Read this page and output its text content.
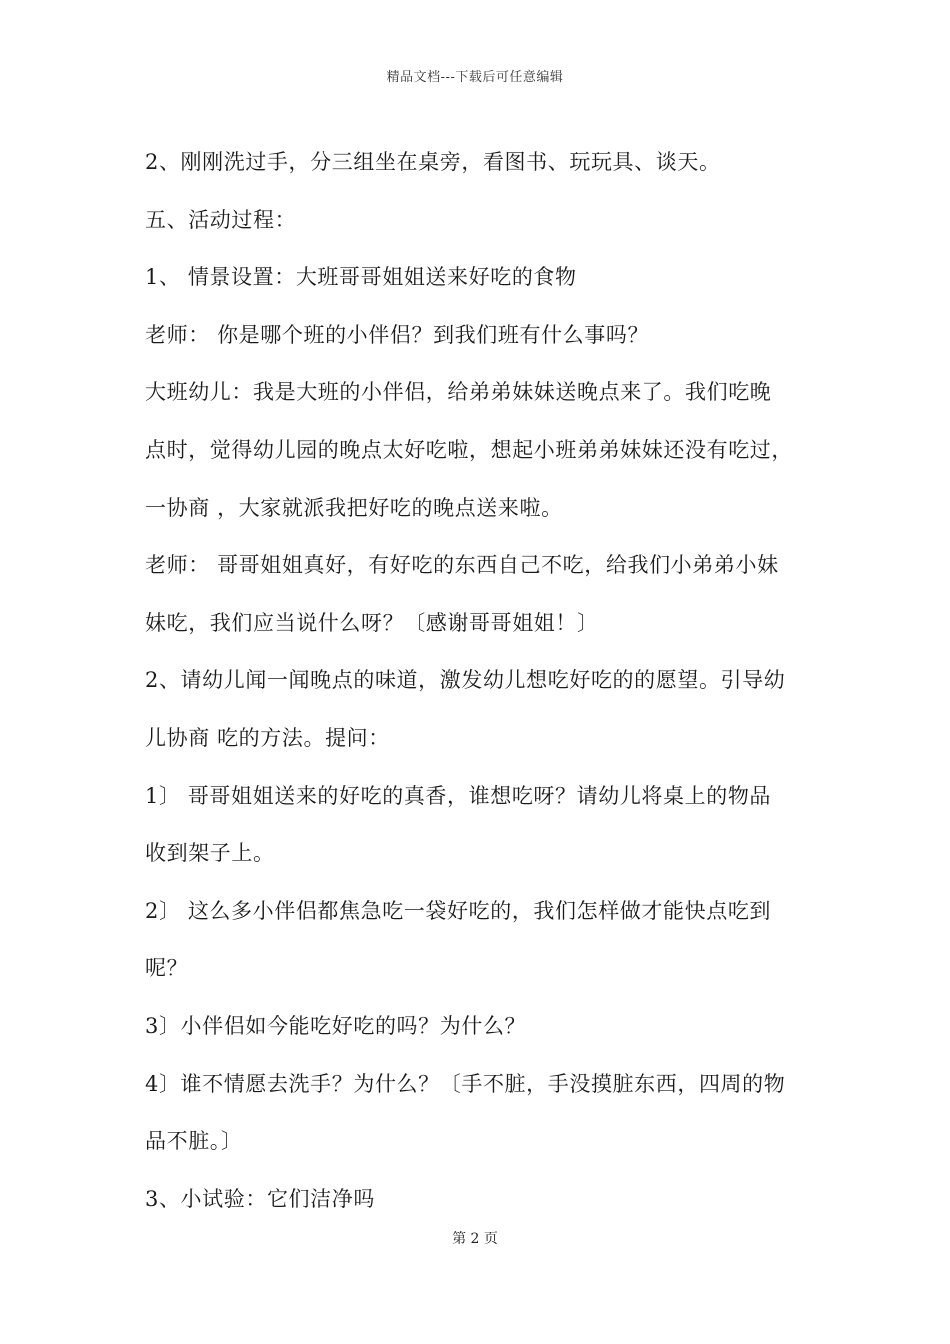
精品文档---下载后可任意编辑
2、刚刚洗过手，分三组坐在桌旁，看图书、玩玩具、谈天。
五、活动过程：
1、 情景设置：大班哥哥姐姐送来好吃的食物
老师： 你是哪个班的小伴侣？到我们班有什么事吗？
大班幼儿：我是大班的小伴侣，给弟弟妹妹送晚点来了。我们吃晚
点时，觉得幼儿园的晚点太好吃啦，想起小班弟弟妹妹还没有吃过，
一协商 ，大家就派我把好吃的晚点送来啦。
老师： 哥哥姐姐真好，有好吃的东西自己不吃，给我们小弟弟小妹
妹吃，我们应当说什么呀？〔感谢哥哥姐姐！〕
2、请幼儿闻一闻晚点的味道，激发幼儿想吃好吃的的愿望。引导幼
儿协商 吃的方法。提问：
1〕 哥哥姐姐送来的好吃的真香，谁想吃呀？请幼儿将桌上的物品
收到架子上。
2〕 这么多小伴侣都焦急吃一袋好吃的，我们怎样做才能快点吃到
呢？
3〕小伴侣如今能吃好吃的吗？为什么？
4〕谁不情愿去洗手？为什么？〔手不脏，手没摸脏东西，四周的物
品不脏。〕
3、小试验：它们洁净吗
第 2 页
